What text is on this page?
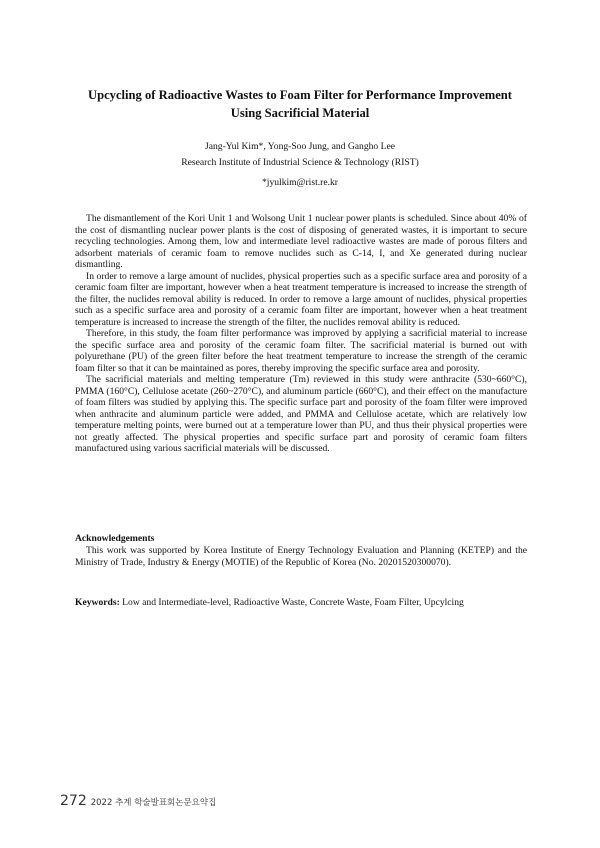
Upcycling of Radioactive Wastes to Foam Filter for Performance Improvement
Using Sacrificial Material
Jang-Yul Kim*, Yong-Soo Jung, and Gangho Lee
Research Institute of Industrial Science & Technology (RIST)
*jyulkim@rist.re.kr

The dismantlement of the Kori Unit 1 and Wolsong Unit 1 nuclear power plants is scheduled. Since about 40% of the cost of dismantling nuclear power plants is the cost of disposing of generated wastes, it is important to secure recycling technologies. Among them, low and intermediate level radioactive wastes are made of porous filters and adsorbent materials of ceramic foam to remove nuclides such as C-14, I, and Xe generated during nuclear dismantling.

In order to remove a large amount of nuclides, physical properties such as a specific surface area and porosity of a ceramic foam filter are important, however when a heat treatment temperature is increased to increase the strength of the filter, the nuclides removal ability is reduced. In order to remove a large amount of nuclides, physical properties such as a specific surface area and porosity of a ceramic foam filter are important, however when a heat treatment temperature is increased to increase the strength of the filter, the nuclides removal ability is reduced.

Therefore, in this study, the foam filter performance was improved by applying a sacrificial material to increase the specific surface area and porosity of the ceramic foam filter. The sacrificial material is burned out with polyurethane (PU) of the green filter before the heat treatment temperature to increase the strength of the ceramic foam filter so that it can be maintained as pores, thereby improving the specific surface area and porosity.

The sacrificial materials and melting temperature (Tm) reviewed in this study were anthracite (530~660°C), PMMA (160°C), Cellulose acetate (260~270°C), and aluminum particle (660°C), and their effect on the manufacture of foam filters was studied by applying this. The specific surface part and porosity of the foam filter were improved when anthracite and aluminum particle were added, and PMMA and Cellulose acetate, which are relatively low temperature melting points, were burned out at a temperature lower than PU, and thus their physical properties were not greatly affected. The physical properties and specific surface part and porosity of ceramic foam filters manufactured using various sacrificial materials will be discussed.

Acknowledgements

This work was supported by Korea Institute of Energy Technology Evaluation and Planning (KETEP) and the Ministry of Trade, Industry & Energy (MOTIE) of the Republic of Korea (No. 20201520300070).

Keywords: Low and Intermediate-level, Radioactive Waste, Concrete Waste, Foam Filter, Upcylcing

272 2022 추계 학술발표회논문요약집
